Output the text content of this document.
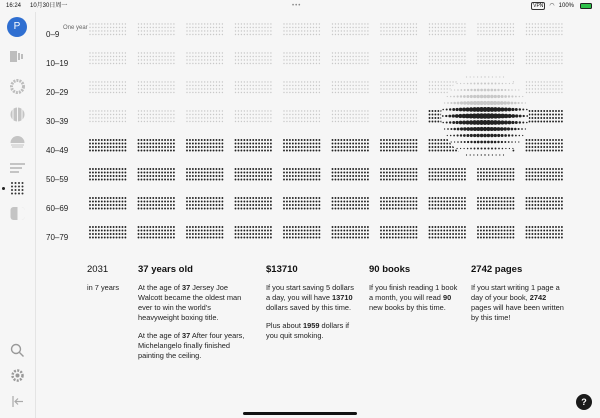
16:24 10月30日周一	•••	VPN	◠ 100%
P	One year
0–9
10–19
20–29
30–39
40–49
50–59
60–69
70–79
2031
in 7 years
37 years old

At the age of 37 Jersey Joe Walcott became the oldest man ever to win the world's heavyweight boxing title.

At the age of 37 After four years, Michelangelo finally finished painting the ceiling.

$13710

If you start saving 5 dollars a day, you will have 13710 dollars saved by this time.

Plus about 1959 dollars if you quit smoking.

90 books

If you finish reading 1 book a month, you will read 90 new books by this time.

2742 pages

If you start writing 1 page a day of your book, 2742 pages will have been written by this time!

?
